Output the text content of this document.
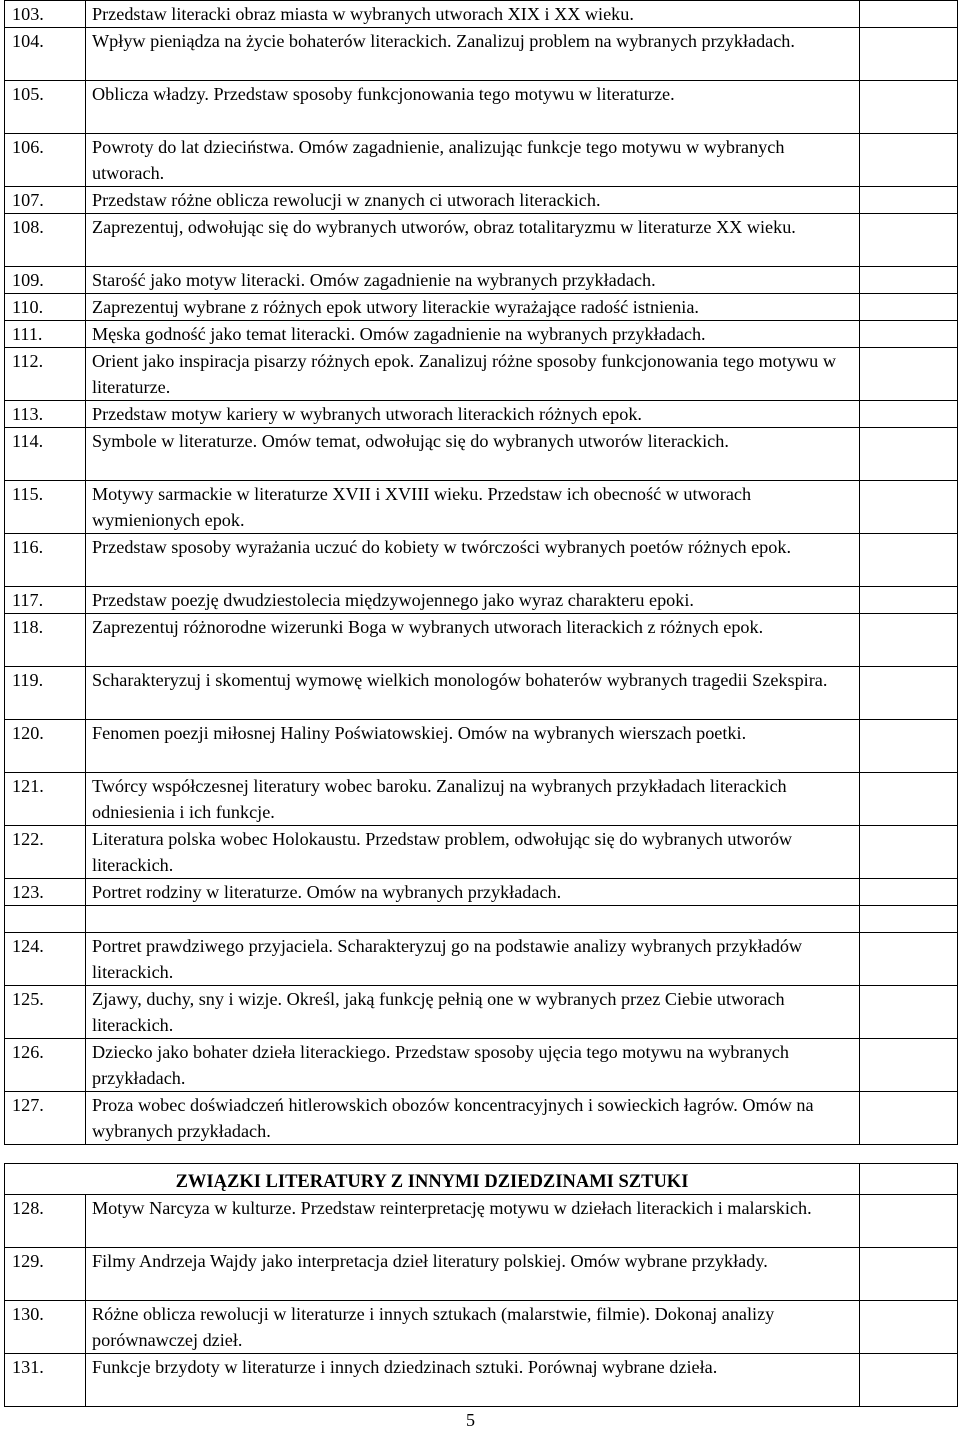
103.	Przedstaw literacki obraz miasta w wybranych utworach XIX i XX wieku.	
104.	Wpływ pieniądza na życie bohaterów literackich. Zanalizuj problem na wybranych przykładach.	
105.	Oblicza władzy. Przedstaw sposoby funkcjonowania tego motywu w literaturze.	
106.	Powroty do lat dzieciństwa. Omów zagadnienie, analizując funkcje tego motywu w wybranych utworach.	
107.	Przedstaw różne oblicza rewolucji w znanych ci utworach literackich.	
108.	Zaprezentuj, odwołując się do wybranych utworów, obraz totalitaryzmu w literaturze XX wieku.	
109.	Starość jako motyw literacki. Omów zagadnienie na wybranych przykładach.	
110.	Zaprezentuj wybrane z różnych epok utwory literackie wyrażające radość istnienia.	
111.	Męska godność jako temat literacki. Omów zagadnienie na wybranych przykładach.	
112.	Orient jako inspiracja pisarzy różnych epok. Zanalizuj różne sposoby funkcjonowania tego motywu w literaturze.	
113.	Przedstaw motyw kariery w wybranych utworach literackich różnych epok.	
114.	Symbole w literaturze. Omów temat, odwołując się do wybranych utworów literackich.	
115.	Motywy sarmackie w literaturze XVII i XVIII wieku. Przedstaw ich obecność w utworach wymienionych epok.	
116.	Przedstaw sposoby wyrażania uczuć do kobiety w twórczości wybranych poetów różnych epok.	
117.	Przedstaw poezję dwudziestolecia międzywojennego jako wyraz charakteru epoki.	
118.	Zaprezentuj różnorodne wizerunki Boga w wybranych utworach literackich z różnych epok.	
119.	Scharakteryzuj i skomentuj wymowę wielkich monologów bohaterów wybranych tragedii Szekspira.	
120.	Fenomen poezji miłosnej Haliny Poświatowskiej. Omów na wybranych wierszach poetki.	
121.	Twórcy współczesnej literatury wobec baroku. Zanalizuj na wybranych przykładach literackich odniesienia i ich funkcje.	
122.	Literatura polska wobec Holokaustu. Przedstaw problem, odwołując się do wybranych utworów literackich.	
123.	Portret rodziny w literaturze. Omów na wybranych przykładach.	

124.	Portret prawdziwego przyjaciela. Scharakteryzuj go na podstawie analizy wybranych przykładów literackich.	
125.	Zjawy, duchy, sny i wizje. Określ, jaką funkcję pełnią one w wybranych przez Ciebie utworach literackich.	
126.	Dziecko jako bohater dzieła literackiego. Przedstaw sposoby ujęcia tego motywu na wybranych przykładach.	
127.	Proza wobec doświadczeń hitlerowskich obozów koncentracyjnych i sowieckich łagrów. Omów na wybranych przykładach.	

ZWIĄZKI LITERATURY Z INNYMI DZIEDZINAMI SZTUKI		
128.	Motyw Narcyza w kulturze. Przedstaw reinterpretację motywu w dziełach literackich i malarskich.	
129.	Filmy Andrzeja Wajdy jako interpretacja dzieł literatury polskiej. Omów wybrane przykłady.	
130.	Różne oblicza rewolucji w literaturze i innych sztukach (malarstwie, filmie). Dokonaj analizy porównawczej dzieł.	
131.	Funkcje brzydoty w literaturze i innych dziedzinach sztuki. Porównaj wybrane dzieła.	
5
